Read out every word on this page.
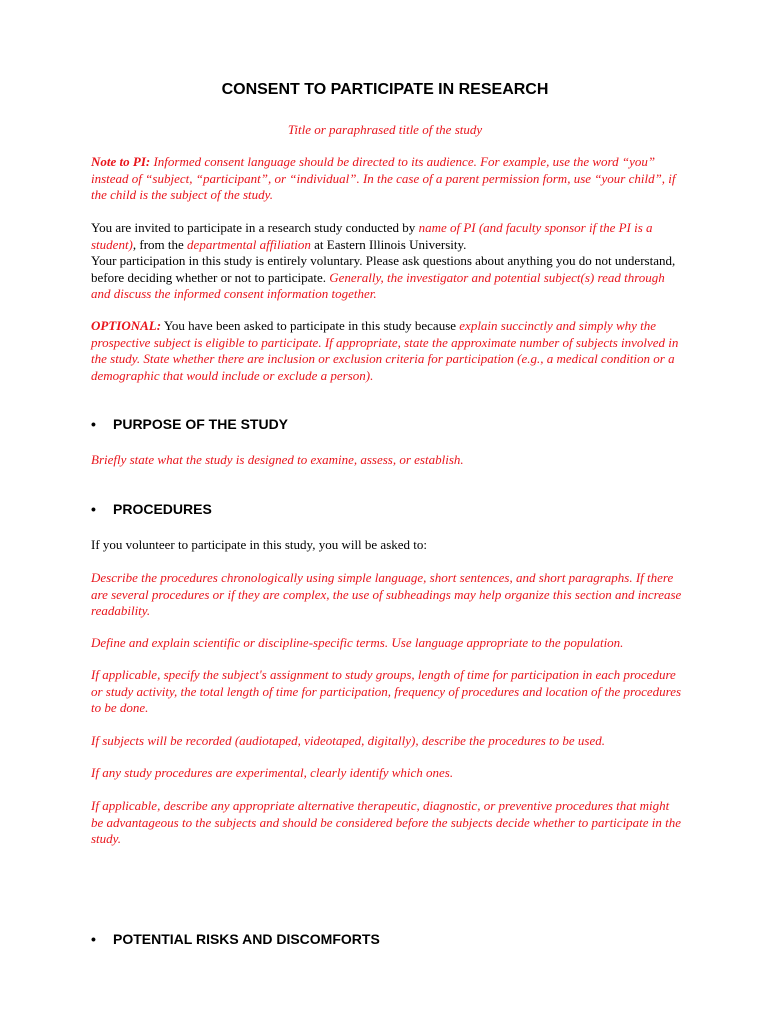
CONSENT TO PARTICIPATE IN RESEARCH

Title or paraphrased title of the study

Note to PI: Informed consent language should be directed to its audience. For example, use the word “you” instead of “subject, “participant”, or “individual”. In the case of a parent permission form, use “your child”, if the child is the subject of the study.

You are invited to participate in a research study conducted by name of PI (and faculty sponsor if the PI is a student), from the departmental affiliation at Eastern Illinois University.
Your participation in this study is entirely voluntary. Please ask questions about anything you do not understand, before deciding whether or not to participate. Generally, the investigator and potential subject(s) read through and discuss the informed consent information together.

OPTIONAL: You have been asked to participate in this study because explain succinctly and simply why the prospective subject is eligible to participate. If appropriate, state the approximate number of subjects involved in the study. State whether there are inclusion or exclusion criteria for participation (e.g., a medical condition or a demographic that would include or exclude a person).

• PURPOSE OF THE STUDY

Briefly state what the study is designed to examine, assess, or establish.

• PROCEDURES

If you volunteer to participate in this study, you will be asked to:

Describe the procedures chronologically using simple language, short sentences, and short paragraphs. If there are several procedures or if they are complex, the use of subheadings may help organize this section and increase readability.

Define and explain scientific or discipline-specific terms. Use language appropriate to the population.

If applicable, specify the subject's assignment to study groups, length of time for participation in each procedure or study activity, the total length of time for participation, frequency of procedures and location of the procedures to be done.

If subjects will be recorded (audiotaped, videotaped, digitally), describe the procedures to be used.

If any study procedures are experimental, clearly identify which ones.

If applicable, describe any appropriate alternative therapeutic, diagnostic, or preventive procedures that might be advantageous to the subjects and should be considered before the subjects decide whether to participate in the study.

• POTENTIAL RISKS AND DISCOMFORTS
